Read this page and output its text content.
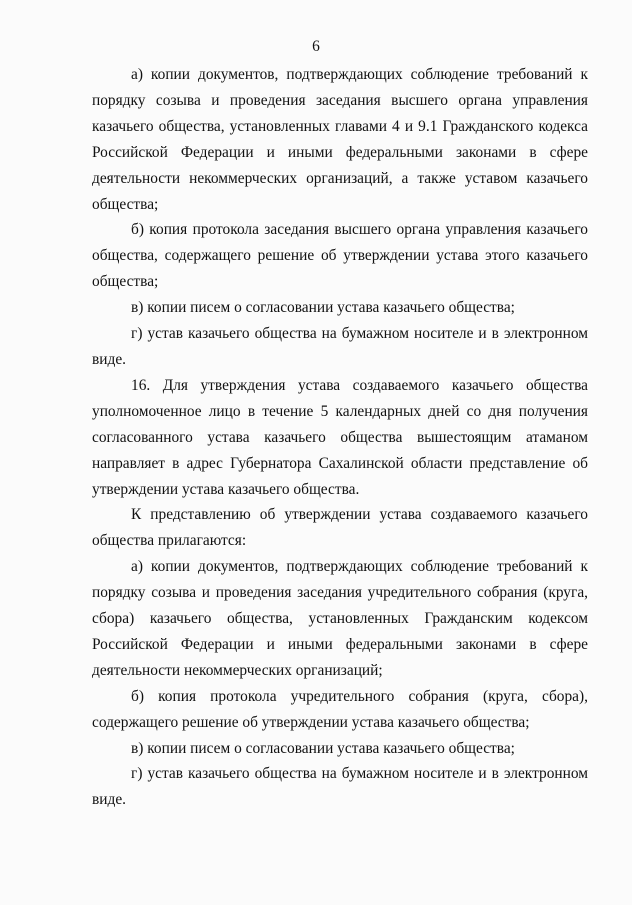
6

а) копии документов, подтверждающих соблюдение требований к порядку созыва и проведения заседания высшего органа управления казачьего общества, установленных главами 4 и 9.1 Гражданского кодекса Российской Федерации и иными федеральными законами в сфере деятельности некоммерческих организаций, а также уставом казачьего общества;

б) копия протокола заседания высшего органа управления казачьего общества, содержащего решение об утверждении устава этого казачьего общества;

в) копии писем о согласовании устава казачьего общества;

г) устав казачьего общества на бумажном носителе и в электронном виде.

16. Для утверждения устава создаваемого казачьего общества уполномоченное лицо в течение 5 календарных дней со дня получения согласованного устава казачьего общества вышестоящим атаманом направляет в адрес Губернатора Сахалинской области представление об утверждении устава казачьего общества.

К представлению об утверждении устава создаваемого казачьего общества прилагаются:

а) копии документов, подтверждающих соблюдение требований к порядку созыва и проведения заседания учредительного собрания (круга, сбора) казачьего общества, установленных Гражданским кодексом Российской Федерации и иными федеральными законами в сфере деятельности некоммерческих организаций;

б) копия протокола учредительного собрания (круга, сбора), содержащего решение об утверждении устава казачьего общества;

в) копии писем о согласовании устава казачьего общества;

г) устав казачьего общества на бумажном носителе и в электронном виде.
